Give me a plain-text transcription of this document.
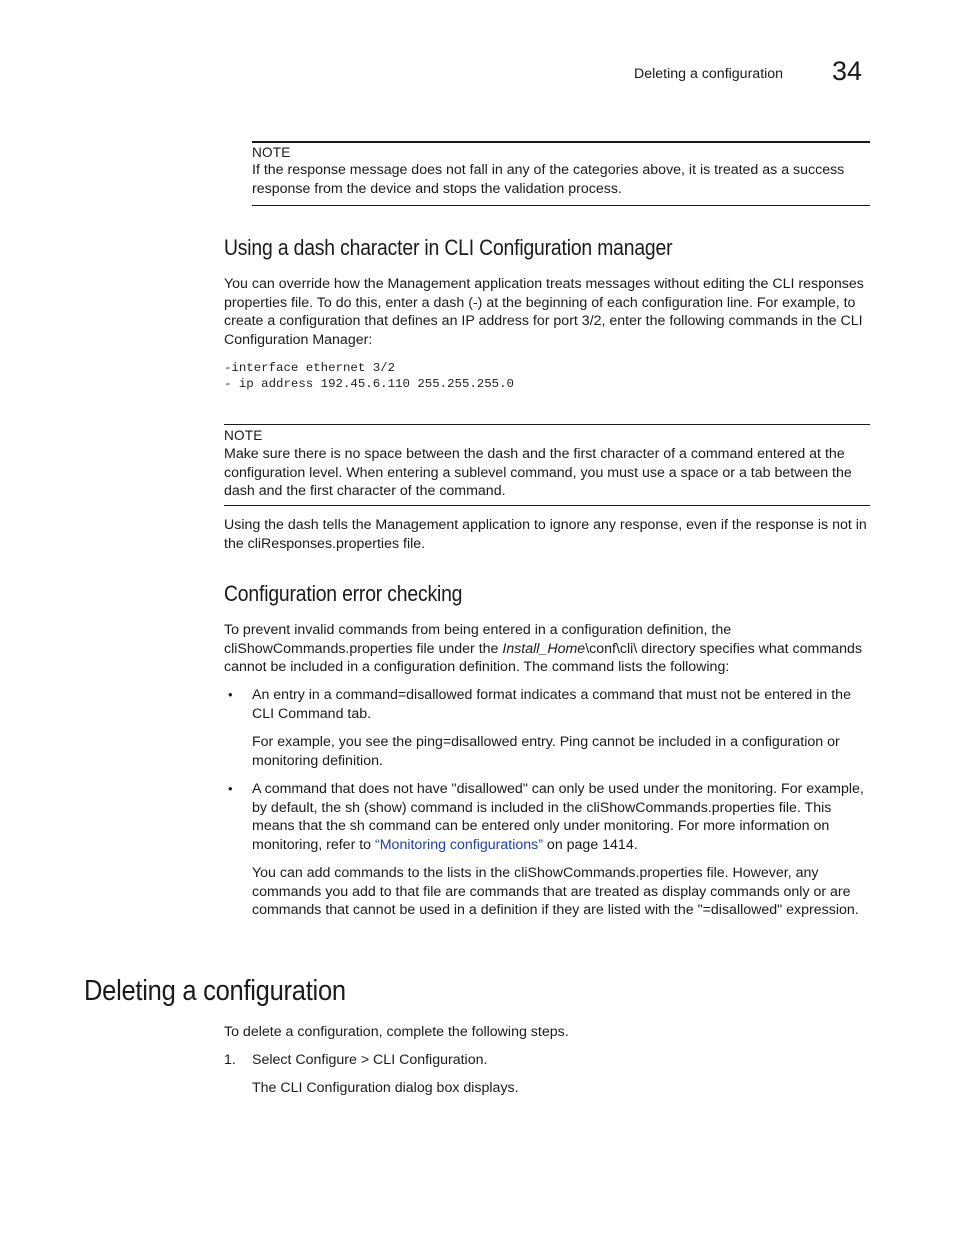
Deleting a configuration 34
NOTE

If the response message does not fall in any of the categories above, it is treated as a success response from the device and stops the validation process.

Using a dash character in CLI Configuration manager

You can override how the Management application treats messages without editing the CLI responses properties file. To do this, enter a dash (-) at the beginning of each configuration line. For example, to create a configuration that defines an IP address for port 3/2, enter the following commands in the CLI Configuration Manager:

-interface ethernet 3/2
- ip address 192.45.6.110 255.255.255.0
NOTE

Make sure there is no space between the dash and the first character of a command entered at the configuration level. When entering a sublevel command, you must use a space or a tab between the dash and the first character of the command.

Using the dash tells the Management application to ignore any response, even if the response is not in the cliResponses.properties file.

Configuration error checking

To prevent invalid commands from being entered in a configuration definition, the cliShowCommands.properties file under the Install_Home\conf\cli\ directory specifies what commands cannot be included in a configuration definition. The command lists the following:

• An entry in a command=disallowed format indicates a command that must not be entered in the CLI Command tab.

For example, you see the ping=disallowed entry. Ping cannot be included in a configuration or monitoring definition.

• A command that does not have "disallowed" can only be used under the monitoring. For example, by default, the sh (show) command is included in the cliShowCommands.properties file. This means that the sh command can be entered only under monitoring. For more information on monitoring, refer to “Monitoring configurations” on page 1414.

You can add commands to the lists in the cliShowCommands.properties file. However, any commands you add to that file are commands that are treated as display commands only or are commands that cannot be used in a definition if they are listed with the "=disallowed" expression.

Deleting a configuration

To delete a configuration, complete the following steps.

1. Select Configure > CLI Configuration.

The CLI Configuration dialog box displays.
